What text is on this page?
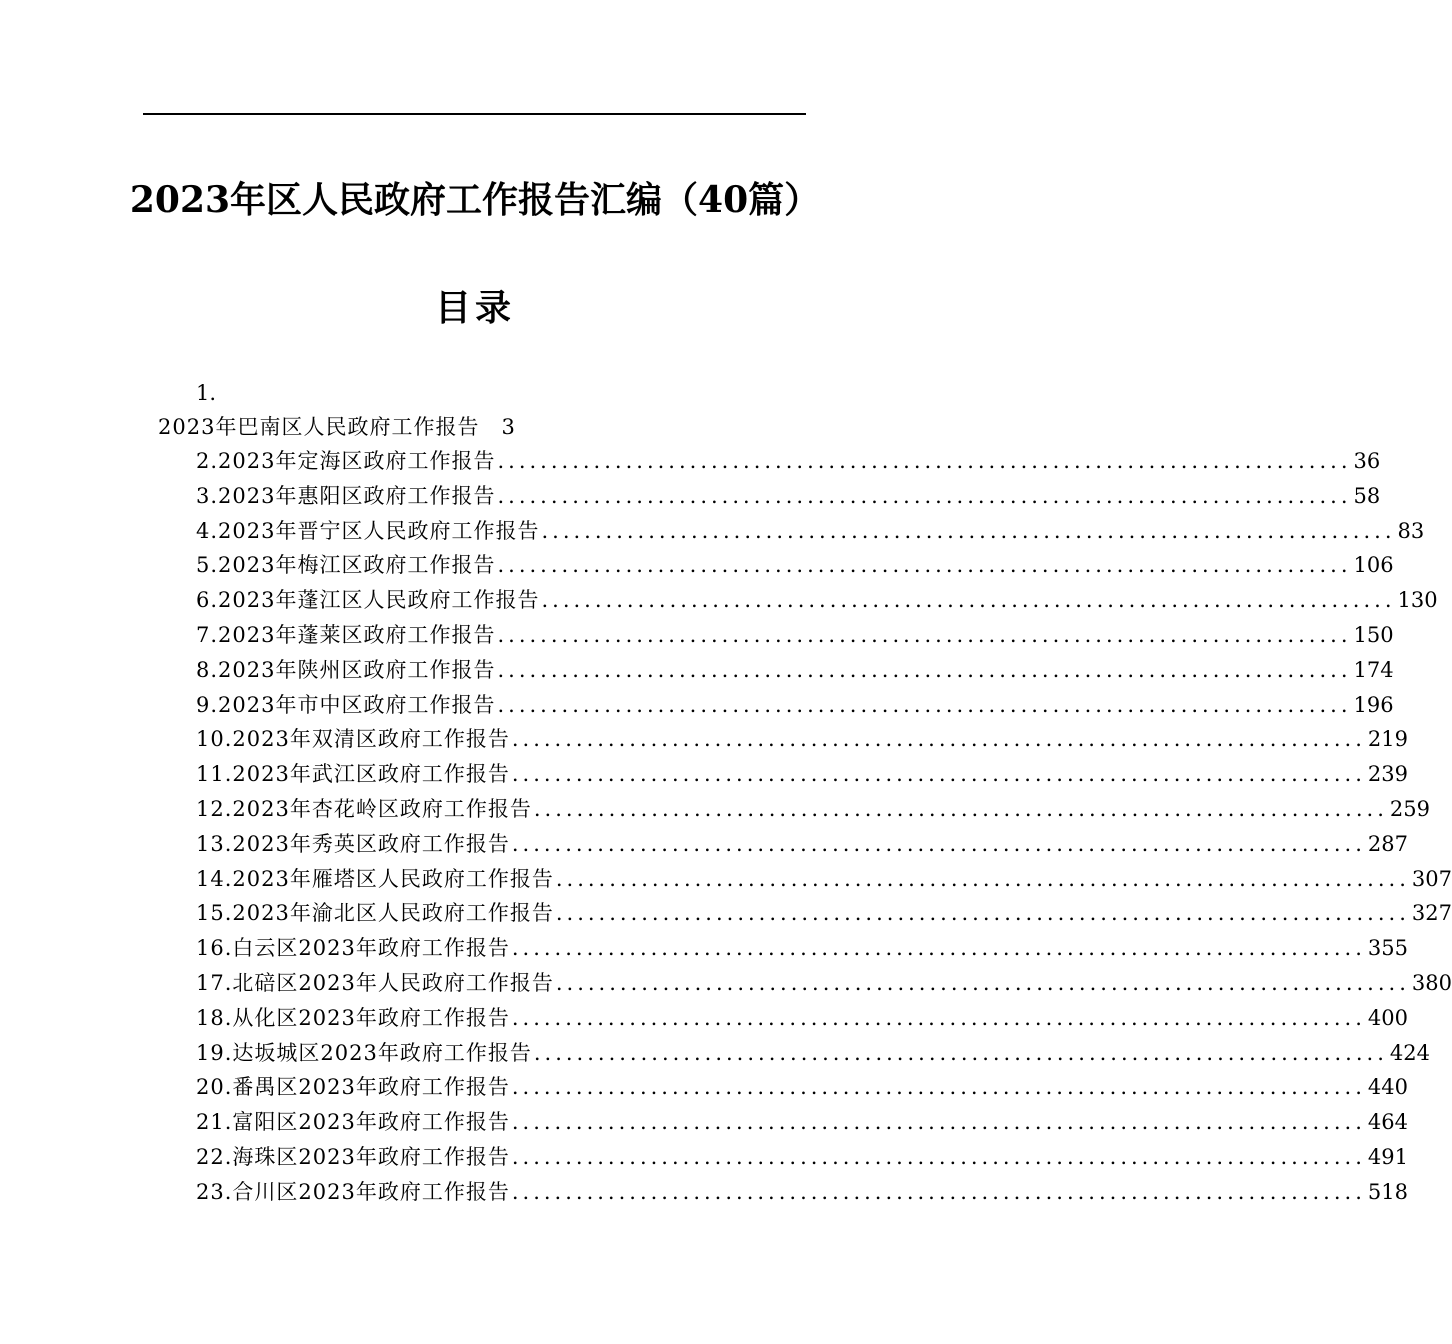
2023年区人民政府工作报告汇编（40篇）
目录
1.
2023年巴南区人民政府工作报告 3
2.2023年定海区政府工作报告 ................................................................................ 36
3.2023年惠阳区政府工作报告 ................................................................................ 58
4.2023年晋宁区人民政府工作报告 ................................................................................ 83
5.2023年梅江区政府工作报告 ................................................................................ 106
6.2023年蓬江区人民政府工作报告 ................................................................................ 130
7.2023年蓬莱区政府工作报告 ................................................................................ 150
8.2023年陕州区政府工作报告 ................................................................................ 174
9.2023年市中区政府工作报告 ................................................................................ 196
10.2023年双清区政府工作报告 ................................................................................ 219
11.2023年武江区政府工作报告 ................................................................................ 239
12.2023年杏花岭区政府工作报告 ................................................................................ 259
13.2023年秀英区政府工作报告 ................................................................................ 287
14.2023年雁塔区人民政府工作报告 ................................................................................ 307
15.2023年渝北区人民政府工作报告 ................................................................................ 327
16.白云区2023年政府工作报告 ................................................................................ 355
17.北碚区2023年人民政府工作报告 ................................................................................ 380
18.从化区2023年政府工作报告 ................................................................................ 400
19.达坂城区2023年政府工作报告 ................................................................................ 424
20.番禺区2023年政府工作报告 ................................................................................ 440
21.富阳区2023年政府工作报告 ................................................................................ 464
22.海珠区2023年政府工作报告 ................................................................................ 491
23.合川区2023年政府工作报告 ................................................................................ 518
